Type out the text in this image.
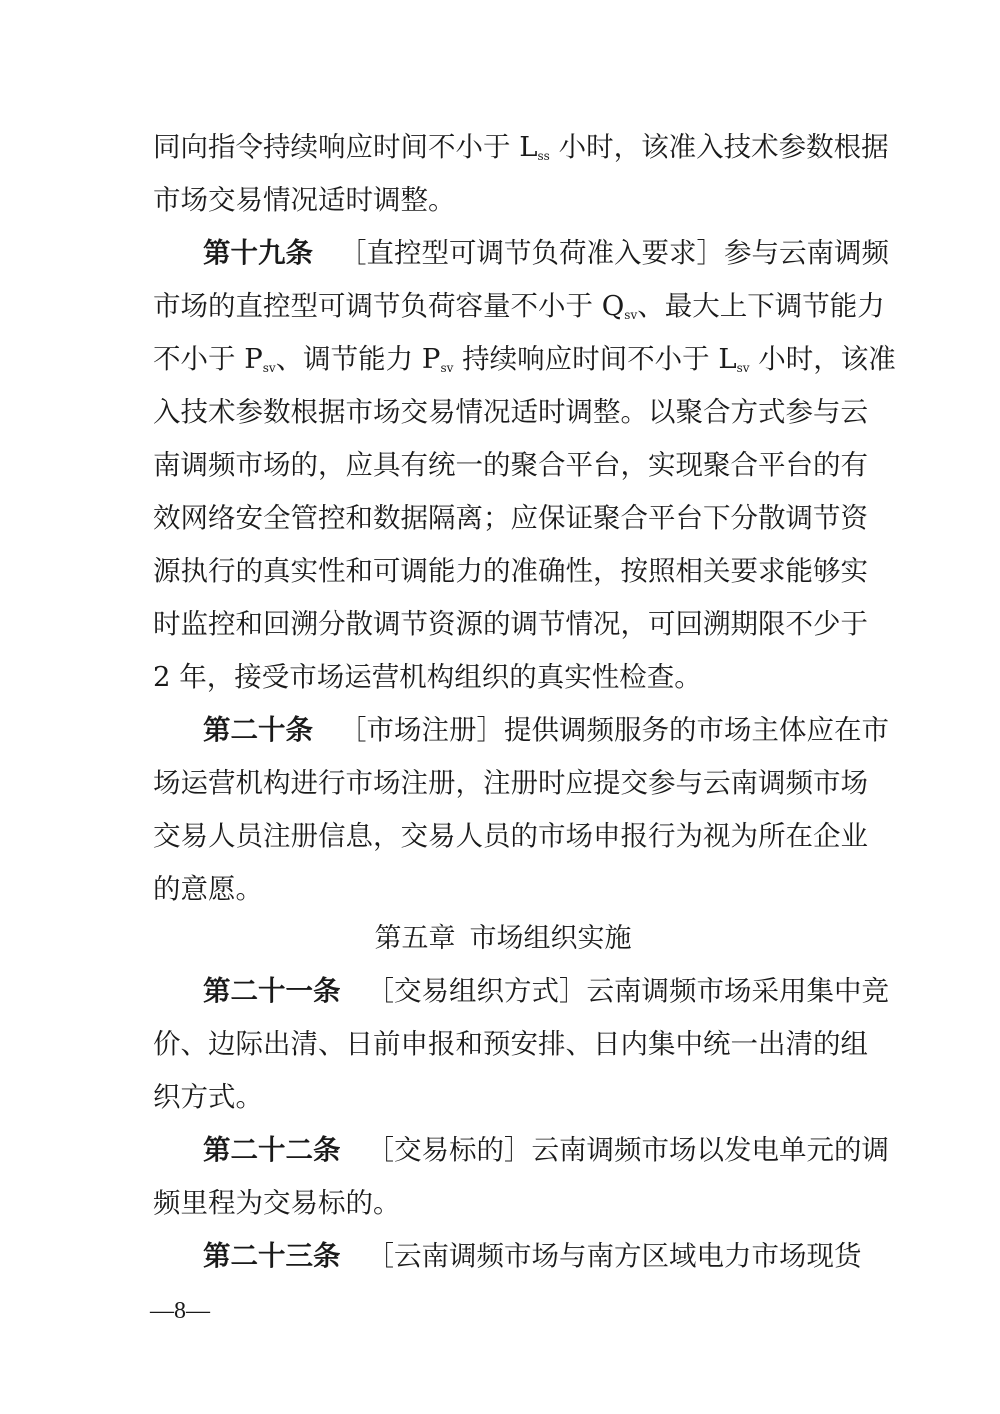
同向指令持续响应时间不小于 $L_{ss}$ 小时，该准入技术参数根据
市场交易情况适时调整。
第十九条 ［直控型可调节负荷准入要求］参与云南调频
市场的直控型可调节负荷容量不小于 $Q_{sv}$、最大上下调节能力
不小于 $P_{sv}$、调节能力 $P_{sv}$ 持续响应时间不小于 $L_{sv}$ 小时，该准
入技术参数根据市场交易情况适时调整。以聚合方式参与云
南调频市场的，应具有统一的聚合平台，实现聚合平台的有
效网络安全管控和数据隔离；应保证聚合平台下分散调节资
源执行的真实性和可调能力的准确性，按照相关要求能够实
时监控和回溯分散调节资源的调节情况，可回溯期限不少于
2 年，接受市场运营机构组织的真实性检查。
第二十条 ［市场注册］提供调频服务的市场主体应在市
场运营机构进行市场注册，注册时应提交参与云南调频市场
交易人员注册信息，交易人员的市场申报行为视为所在企业
的意愿。
第五章 市场组织实施
第二十一条 ［交易组织方式］云南调频市场采用集中竞
价、边际出清、日前申报和预安排、日内集中统一出清的组
织方式。
第二十二条 ［交易标的］云南调频市场以发电单元的调
频里程为交易标的。
第二十三条 ［云南调频市场与南方区域电力市场现货
—8—
